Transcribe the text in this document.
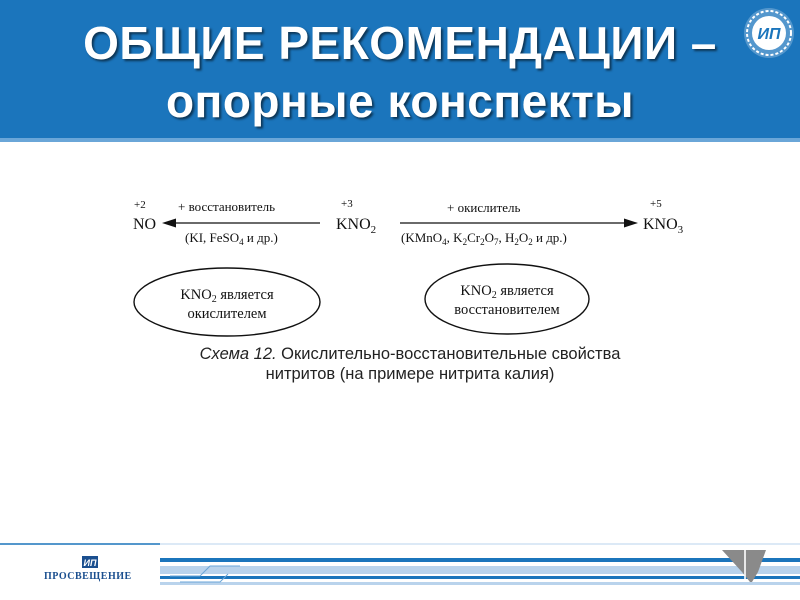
ОБЩИЕ РЕКОМЕНДАЦИИ –
опорные конспекты
ИП
+2	+3	+5
NO	$KNO_2$	$KNO_3$
+ восстановитель
(KI, FeSO$_4$ и др.)
+ окислитель
(KMnO$_4$, $K_2Cr_2O_7$, $H_2O_2$ и др.)
$KNO_2$ является
окислителем
$KNO_2$ является
восстановителем
Схема 12. Окислительно-восстановительные свойства
нитритов (на примере нитрита калия)
ИП
ПРОСВЕЩЕНИЕ
